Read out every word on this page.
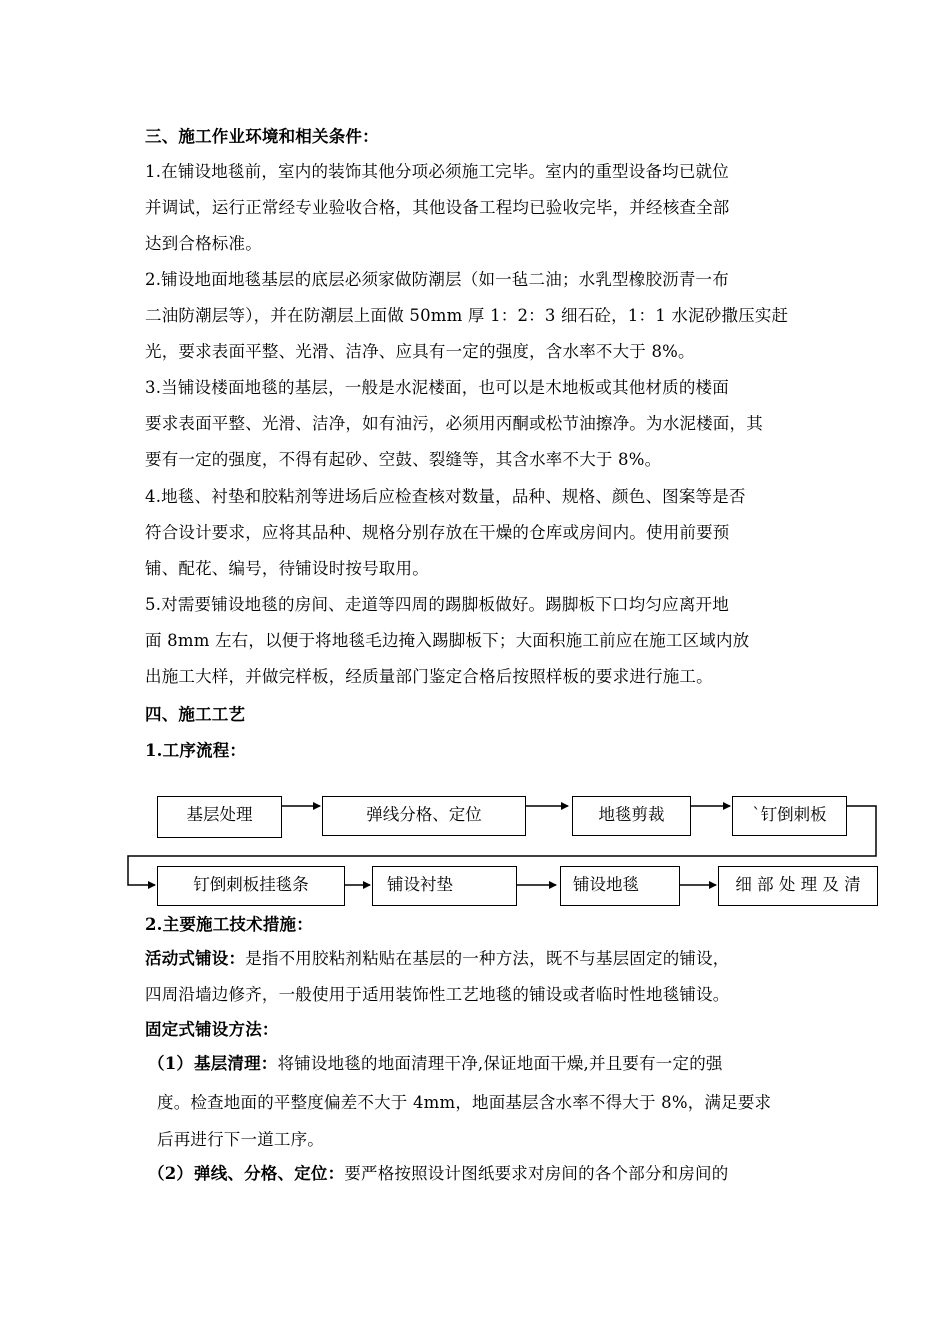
三、施工作业环境和相关条件：
1.在铺设地毯前，室内的装饰其他分项必须施工完毕。室内的重型设备均已就位
并调试，运行正常经专业验收合格，其他设备工程均已验收完毕，并经核查全部
达到合格标准。
2.铺设地面地毯基层的底层必须家做防潮层（如一毡二油；水乳型橡胶沥青一布
二油防潮层等），并在防潮层上面做 50mm 厚 1：2：3 细石砼，1：1 水泥砂撒压实赶
光，要求表面平整、光滑、洁净、应具有一定的强度，含水率不大于 8%。
3.当铺设楼面地毯的基层，一般是水泥楼面，也可以是木地板或其他材质的楼面
要求表面平整、光滑、洁净，如有油污，必须用丙酮或松节油擦净。为水泥楼面，其
要有一定的强度，不得有起砂、空鼓、裂缝等，其含水率不大于 8%。
4.地毯、衬垫和胶粘剂等进场后应检查核对数量，品种、规格、颜色、图案等是否
符合设计要求，应将其品种、规格分别存放在干燥的仓库或房间内。使用前要预
铺、配花、编号，待铺设时按号取用。
5.对需要铺设地毯的房间、走道等四周的踢脚板做好。踢脚板下口均匀应离开地
面 8mm 左右，以便于将地毯毛边掩入踢脚板下；大面积施工前应在施工区域内放
出施工大样，并做完样板，经质量部门鉴定合格后按照样板的要求进行施工。
四、施工工艺
1.工序流程：
基层处理	弹线分格、定位	地毯剪裁	`钉倒刺板
钉倒刺板挂毯条	铺设衬垫	铺设地毯	细 部 处 理 及 清
2.主要施工技术措施：
活动式铺设：是指不用胶粘剂粘贴在基层的一种方法，既不与基层固定的铺设，
四周沿墙边修齐，一般使用于适用装饰性工艺地毯的铺设或者临时性地毯铺设。
固定式铺设方法：
（1）基层清理：将铺设地毯的地面清理干净,保证地面干燥,并且要有一定的强
度。检查地面的平整度偏差不大于 4mm，地面基层含水率不得大于 8%，满足要求
后再进行下一道工序。
（2）弹线、分格、定位：要严格按照设计图纸要求对房间的各个部分和房间的
